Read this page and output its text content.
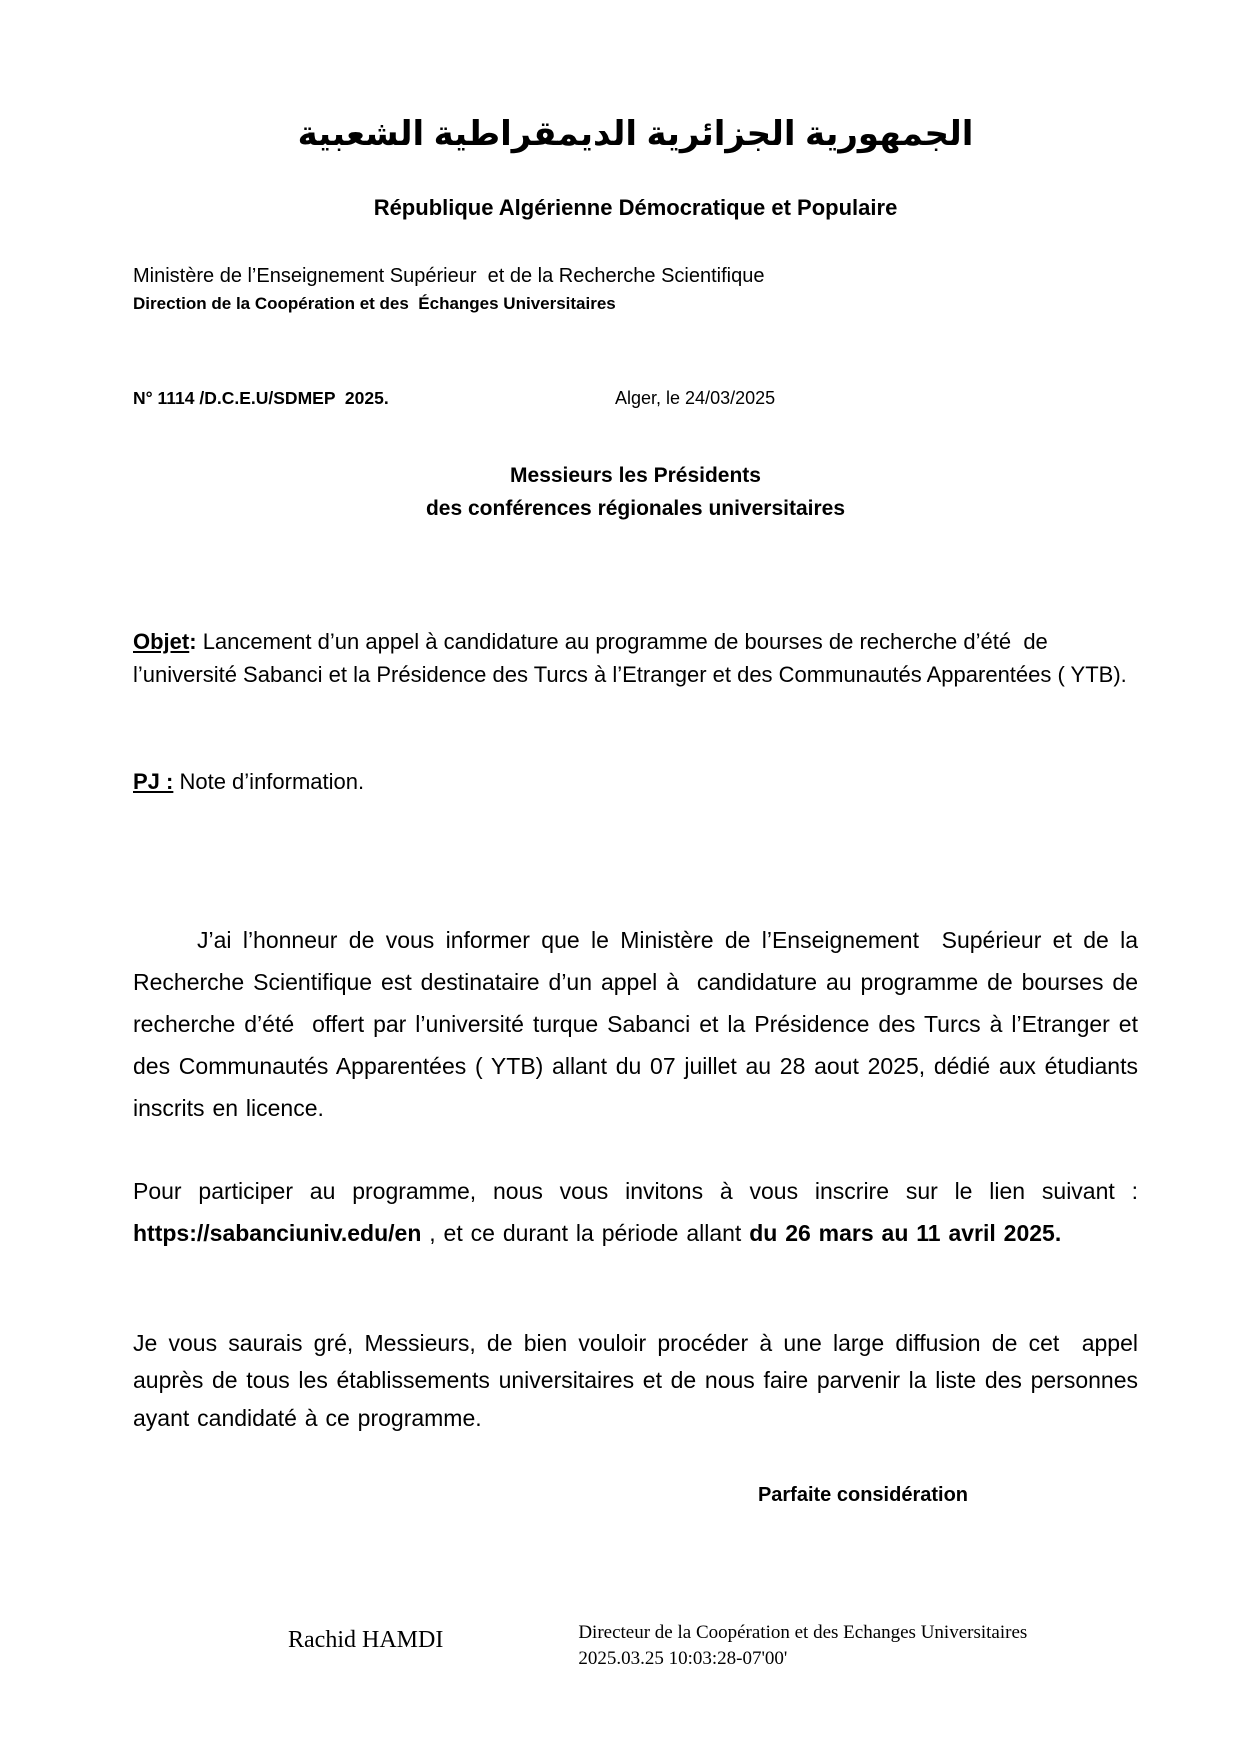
الجمهورية الجزائرية الديمقراطية الشعبية
République Algérienne Démocratique et Populaire

Ministère de l’Enseignement Supérieur  et de la Recherche Scientifique

Direction de la Coopération et des  Échanges Universitaires

N° 1114 /D.C.E.U/SDMEP  2025.	Alger, le 24/03/2025
Messieurs les Présidents
des conférences régionales universitaires

Objet: Lancement d’un appel à candidature au programme de bourses de recherche d’été  de l’université Sabanci et la Présidence des Turcs à l’Etranger et des Communautés Apparentées ( YTB).

PJ : Note d’information.

J’ai l’honneur de vous informer que le Ministère de l’Enseignement  Supérieur et de la Recherche Scientifique est destinataire d’un appel à  candidature au programme de bourses de recherche d’été  offert par l’université turque Sabanci et la Présidence des Turcs à l’Etranger et des Communautés Apparentées ( YTB) allant du 07 juillet au 28 aout 2025, dédié aux étudiants inscrits en licence.

Pour participer au programme, nous vous invitons à vous inscrire sur le lien suivant : https://sabanciuniv.edu/en , et ce durant la période allant du 26 mars au 11 avril 2025.

Je vous saurais gré, Messieurs, de bien vouloir procéder à une large diffusion de cet  appel auprès de tous les établissements universitaires et de nous faire parvenir la liste des personnes ayant candidaté à ce programme.

Parfaite considération

Rachid HAMDI	Directeur de la Coopération et des Echanges Universitaires
2025.03.25 10:03:28-07'00'
